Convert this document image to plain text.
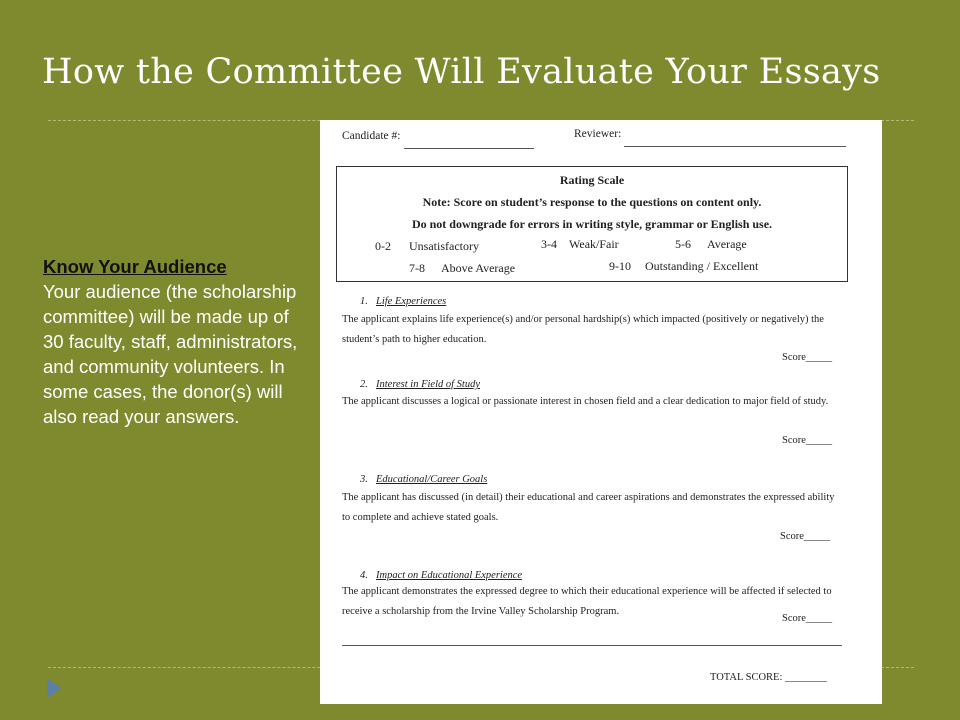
How the Committee Will Evaluate Your Essays
Know Your Audience
Your audience (the scholarship committee) will be made up of 30 faculty, staff, administrators, and community volunteers. In some cases, the donor(s) will also read your answers.
Candidate #:	Reviewer:
Rating Scale
Note: Score on student’s response to the questions on content only.
Do not downgrade for errors in writing style, grammar or English use.
0-2 Unsatisfactory	3-4 Weak/Fair	5-6 Average
7-8 Above Average	9-10 Outstanding / Excellent
1. Life Experiences
The applicant explains life experience(s) and/or personal hardship(s) which impacted (positively or negatively) the student’s path to higher education.
Score_____
2. Interest in Field of Study
The applicant discusses a logical or passionate interest in chosen field and a clear dedication to major field of study.
Score_____
3. Educational/Career Goals
The applicant has discussed (in detail) their educational and career aspirations and demonstrates the expressed ability to complete and achieve stated goals.
Score_____
4. Impact on Educational Experience
The applicant demonstrates the expressed degree to which their educational experience will be affected if selected to receive a scholarship from the Irvine Valley Scholarship Program.
Score_____
TOTAL SCORE: ________
